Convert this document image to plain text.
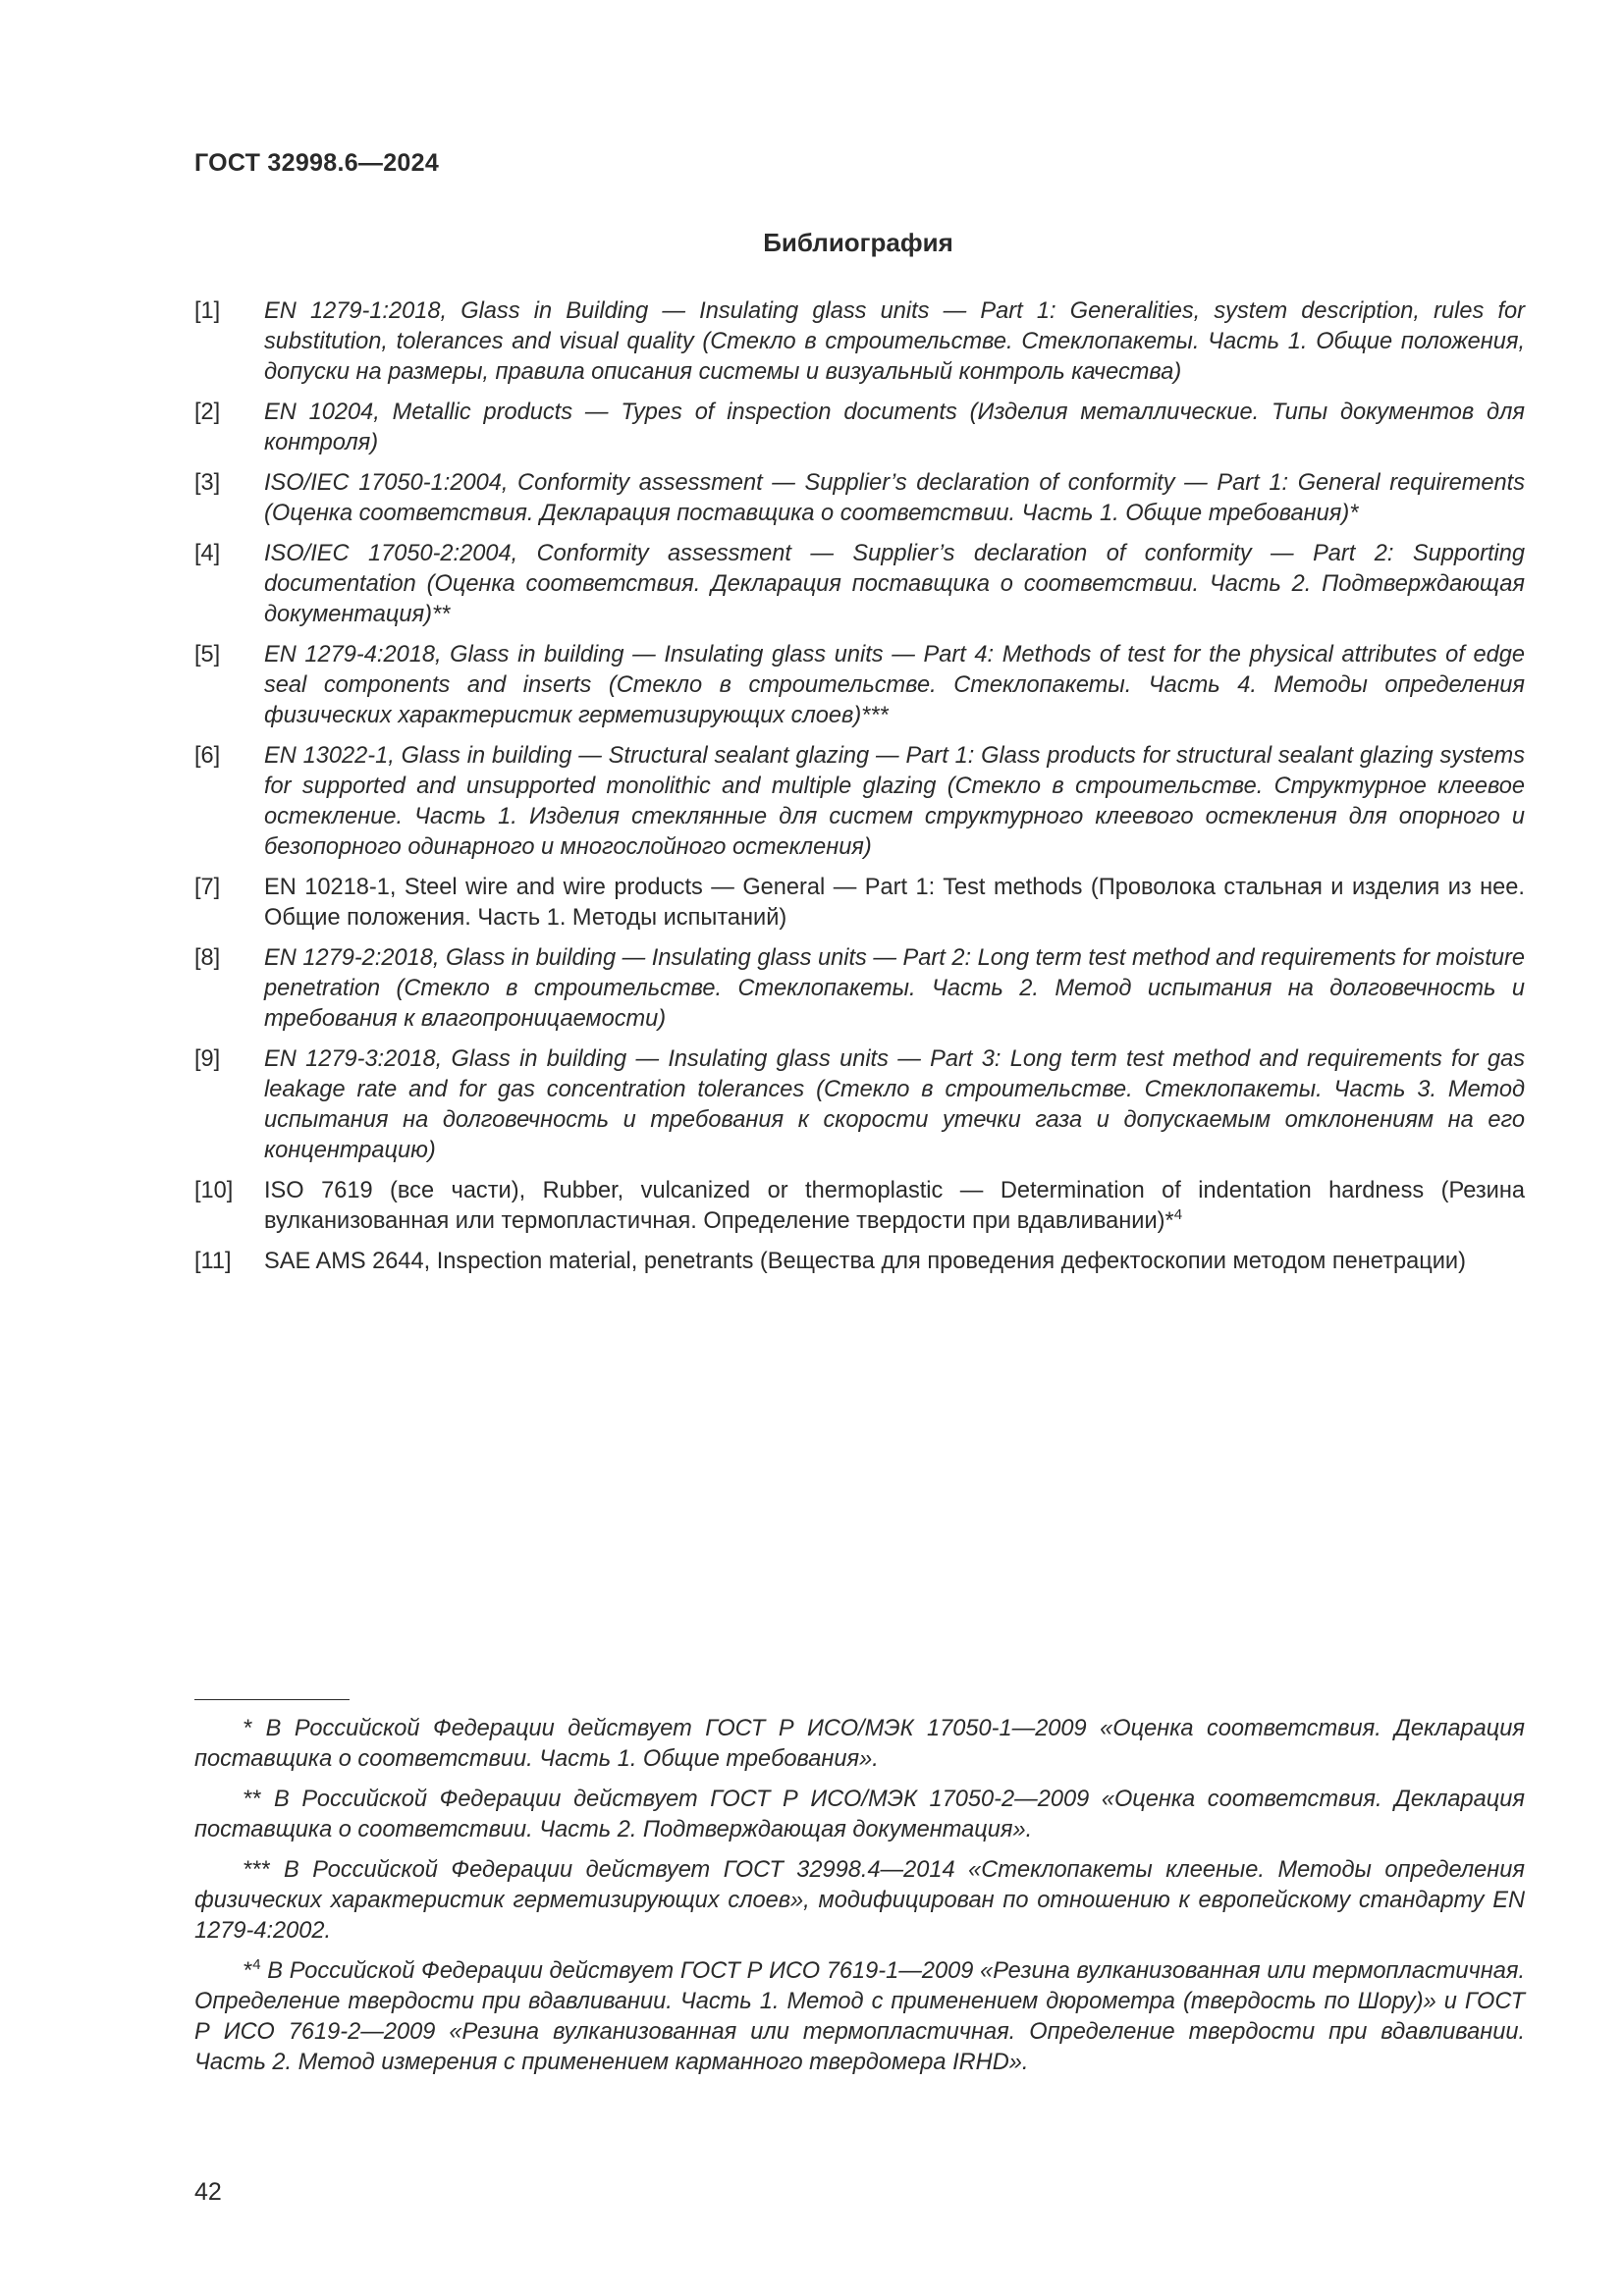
ГОСТ 32998.6—2024

Библиография
[1]	EN 1279-1:2018, Glass in Building — Insulating glass units — Part 1: Generalities, system description, rules for substitution, tolerances and visual quality (Стекло в строительстве. Стеклопакеты. Часть 1. Общие положения, допуски на размеры, правила описания системы и визуальный контроль качества)
[2]	EN 10204, Metallic products — Types of inspection documents (Изделия металлические. Типы документов для контроля)
[3]	ISO/IEC 17050-1:2004, Conformity assessment — Supplier’s declaration of conformity — Part 1: General requirements (Оценка соответствия. Декларация поставщика о соответствии. Часть 1. Общие требования)*
[4]	ISO/IEC 17050-2:2004, Conformity assessment — Supplier’s declaration of conformity — Part 2: Supporting documentation (Оценка соответствия. Декларация поставщика о соответствии. Часть 2. Подтверждающая документация)**
[5]	EN 1279-4:2018, Glass in building — Insulating glass units — Part 4: Methods of test for the physical attributes of edge seal components and inserts (Стекло в строительстве. Стеклопакеты. Часть 4. Методы определения физических характеристик герметизирующих слоев)***
[6]	EN 13022-1, Glass in building — Structural sealant glazing — Part 1: Glass products for structural sealant glazing systems for supported and unsupported monolithic and multiple glazing (Стекло в строительстве. Структурное клеевое остекление. Часть 1. Изделия стеклянные для систем структурного клеевого остекления для опорного и безопорного одинарного и многослойного остекления)
[7]	EN 10218-1, Steel wire and wire products — General — Part 1: Test methods (Проволока стальная и изделия из нее. Общие положения. Часть 1. Методы испытаний)
[8]	EN 1279-2:2018, Glass in building — Insulating glass units — Part 2: Long term test method and requirements for moisture penetration (Стекло в строительстве. Стеклопакеты. Часть 2. Метод испытания на долговечность и требования к влагопроницаемости)
[9]	EN 1279-3:2018, Glass in building — Insulating glass units — Part 3: Long term test method and requirements for gas leakage rate and for gas concentration tolerances (Стекло в строительстве. Стеклопакеты. Часть 3. Метод испытания на долговечность и требования к скорости утечки газа и допускаемым отклонениям на его концентрацию)
[10]	ISO 7619 (все части), Rubber, vulcanized or thermoplastic — Determination of indentation hardness (Резина вулканизованная или термопластичная. Определение твердости при вдавливании)*$^4$
[11]	SAE AMS 2644, Inspection material, penetrants (Вещества для проведения дефектоскопии методом пенетрации)

* В Российской Федерации действует ГОСТ Р ИСО/МЭК 17050-1—2009 «Оценка соответствия. Декларация поставщика о соответствии. Часть 1. Общие требования».

** В Российской Федерации действует ГОСТ Р ИСО/МЭК 17050-2—2009 «Оценка соответствия. Декларация поставщика о соответствии. Часть 2. Подтверждающая документация».

*** В Российской Федерации действует ГОСТ 32998.4—2014 «Стеклопакеты клееные. Методы определения физических характеристик герметизирующих слоев», модифицирован по отношению к европейскому стандарту EN 1279-4:2002.

*$^4$ В Российской Федерации действует ГОСТ Р ИСО 7619-1—2009 «Резина вулканизованная или термопластичная. Определение твердости при вдавливании. Часть 1. Метод с применением дюрометра (твердость по Шору)» и ГОСТ Р ИСО 7619-2—2009 «Резина вулканизованная или термопластичная. Определение твердости при вдавливании. Часть 2. Метод измерения с применением карманного твердомера IRHD».

42
